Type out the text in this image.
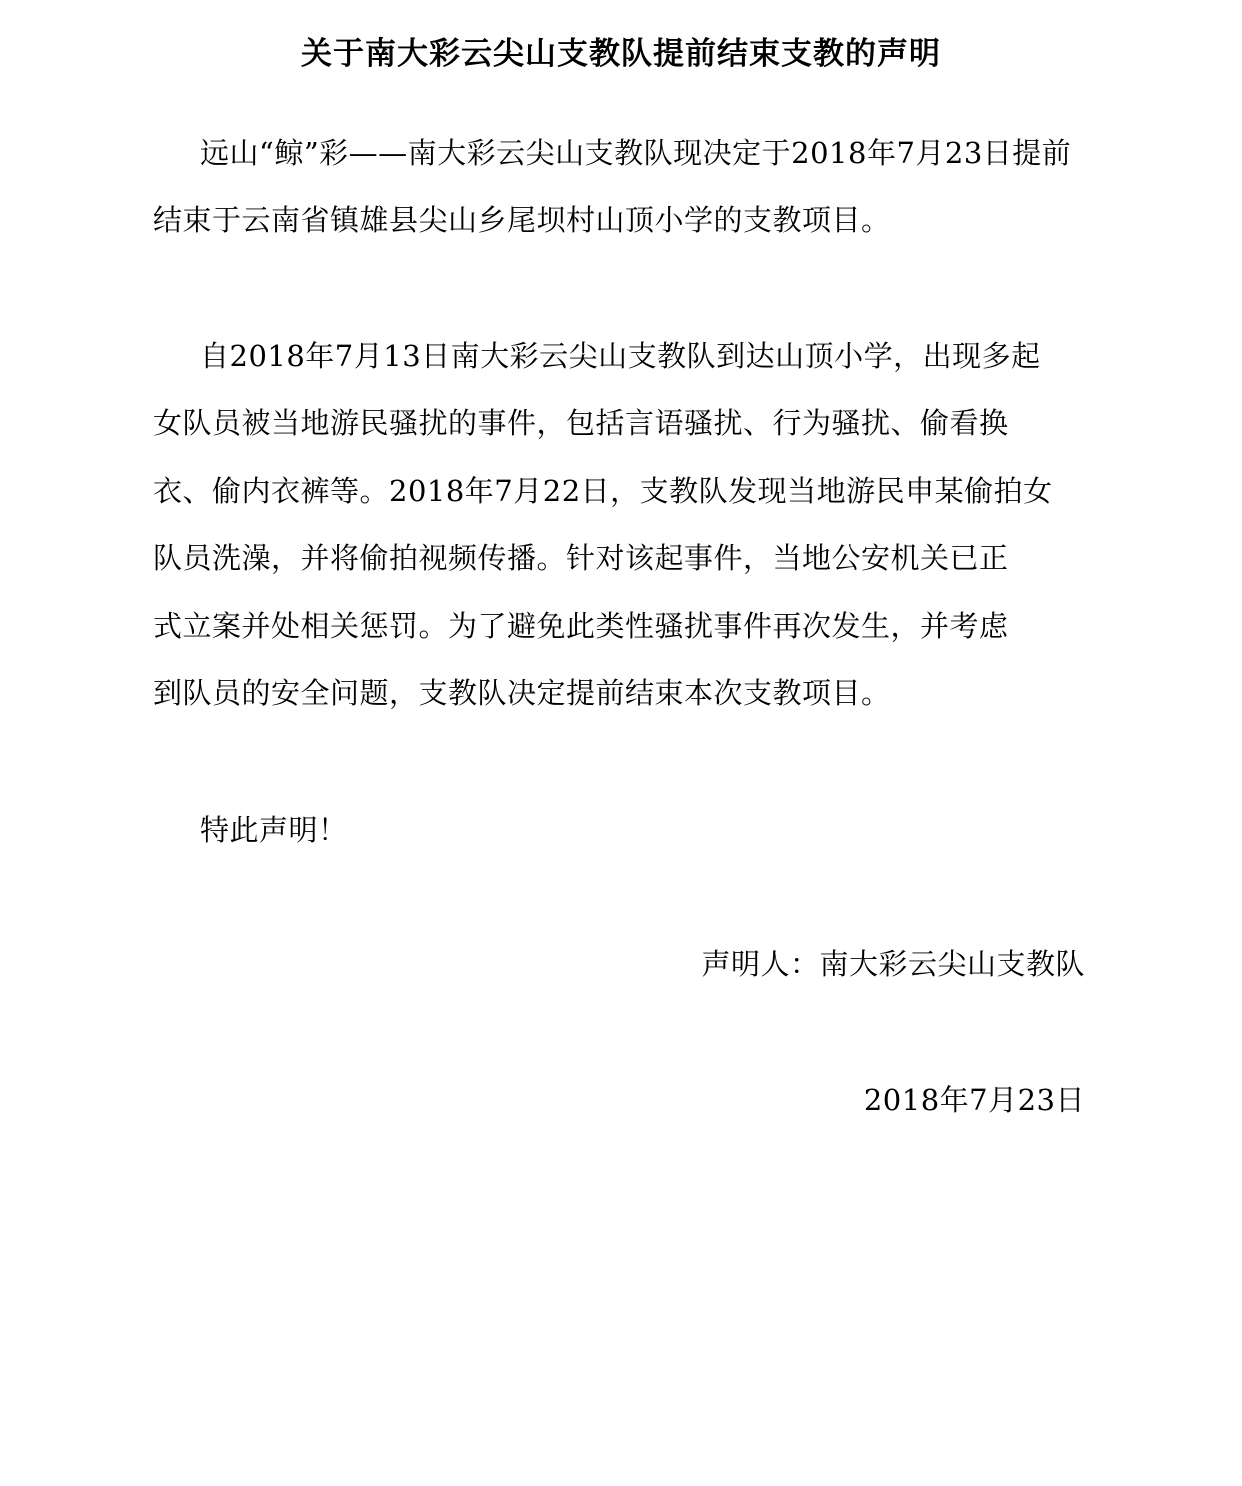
关于南大彩云尖山支教队提前结束支教的声明
远山“鲸”彩——南大彩云尖山支教队现决定于2018年7月23日提前
结束于云南省镇雄县尖山乡尾坝村山顶小学的支教项目。
自2018年7月13日南大彩云尖山支教队到达山顶小学，出现多起
女队员被当地游民骚扰的事件，包括言语骚扰、行为骚扰、偷看换
衣、偷内衣裤等。2018年7月22日，支教队发现当地游民申某偷拍女
队员洗澡，并将偷拍视频传播。针对该起事件，当地公安机关已正
式立案并处相关惩罚。为了避免此类性骚扰事件再次发生，并考虑
到队员的安全问题，支教队决定提前结束本次支教项目。
特此声明！
声明人：南大彩云尖山支教队
2018年7月23日
